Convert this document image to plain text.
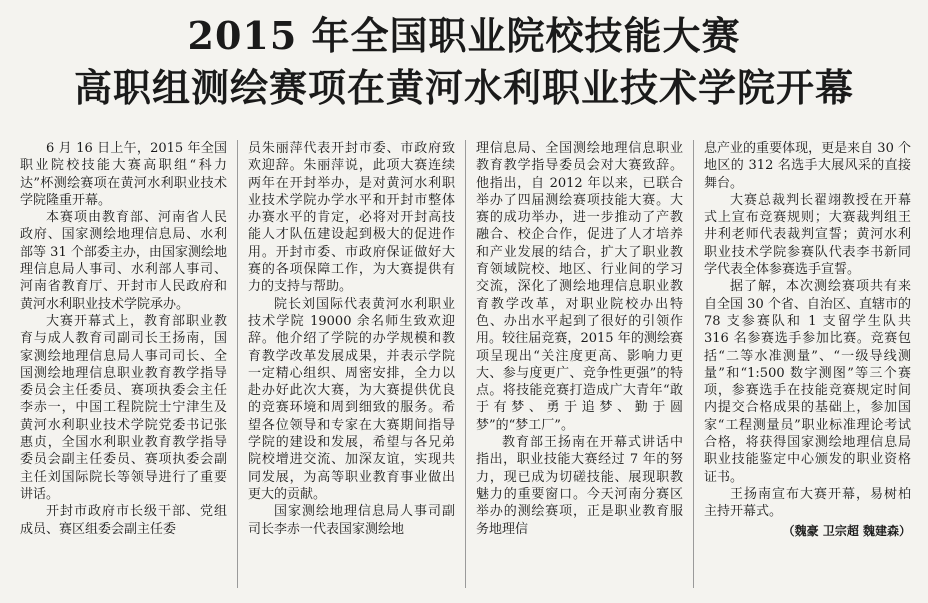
2015 年全国职业院校技能大赛
高职组测绘赛项在黄河水利职业技术学院开幕

6 月 16 日上午，2015 年全国职业院校技能大赛高职组“科力达”杯测绘赛项在黄河水利职业技术学院隆重开幕。

本赛项由教育部、河南省人民政府、国家测绘地理信息局、水利部等 31 个部委主办，由国家测绘地理信息局人事司、水利部人事司、河南省教育厅、开封市人民政府和黄河水利职业技术学院承办。

大赛开幕式上，教育部职业教育与成人教育司副司长王扬南，国家测绘地理信息局人事司司长、全国测绘地理信息职业教育教学指导委员会主任委员、赛项执委会主任李赤一，中国工程院院士宁津生及黄河水利职业技术学院党委书记张惠贞，全国水利职业教育教学指导委员会副主任委员、赛项执委会副主任刘国际院长等领导进行了重要讲话。

开封市政府市长级干部、党组成员、赛区组委会副主任委

员朱丽萍代表开封市委、市政府致欢迎辞。朱丽萍说，此项大赛连续两年在开封举办，是对黄河水利职业技术学院办学水平和开封市整体办赛水平的肯定，必将对开封高技能人才队伍建设起到极大的促进作用。开封市委、市政府保证做好大赛的各项保障工作，为大赛提供有力的支持与帮助。

院长刘国际代表黄河水利职业技术学院 19000 余名师生致欢迎辞。他介绍了学院的办学规模和教育教学改革发展成果，并表示学院一定精心组织、周密安排，全力以赴办好此次大赛，为大赛提供优良的竞赛环境和周到细致的服务。希望各位领导和专家在大赛期间指导学院的建设和发展，希望与各兄弟院校增进交流、加深友谊，实现共同发展，为高等职业教育事业做出更大的贡献。

国家测绘地理信息局人事司副司长李赤一代表国家测绘地

理信息局、全国测绘地理信息职业教育教学指导委员会对大赛致辞。他指出，自 2012 年以来，已联合举办了四届测绘赛项技能大赛。大赛的成功举办，进一步推动了产教融合、校企合作，促进了人才培养和产业发展的结合，扩大了职业教育领域院校、地区、行业间的学习交流，深化了测绘地理信息职业教育教学改革，对职业院校办出特色、办出水平起到了很好的引领作用。较往届竞赛，2015 年的测绘赛项呈现出“关注度更高、影响力更大、参与度更广、竞争性更强”的特点。将技能竞赛打造成广大青年“敢于有梦、勇于追梦、勤于圆梦”的“梦工厂”。

教育部王扬南在开幕式讲话中指出，职业技能大赛经过 7 年的努力，现已成为切磋技能、展现职教魅力的重要窗口。今天河南分赛区举办的测绘赛项，正是职业教育服务地理信

息产业的重要体现，更是来自 30 个地区的 312 名选手大展风采的直接舞台。

大赛总裁判长翟翊教授在开幕式上宣布竞赛规则；大赛裁判组王井利老师代表裁判宣誓；黄河水利职业技术学院参赛队代表李书新同学代表全体参赛选手宣誓。

据了解，本次测绘赛项共有来自全国 30 个省、自治区、直辖市的 78 支参赛队和 1 支留学生队共 316 名参赛选手参加比赛。竞赛包括“二等水准测量”、“一级导线测量”和“1:500 数字测图”等三个赛项，参赛选手在技能竞赛规定时间内提交合格成果的基础上，参加国家“工程测量员”职业标准理论考试合格，将获得国家测绘地理信息局职业技能鉴定中心颁发的职业资格证书。

王扬南宣布大赛开幕，易树柏主持开幕式。

（魏豪 卫宗超 魏建森）
